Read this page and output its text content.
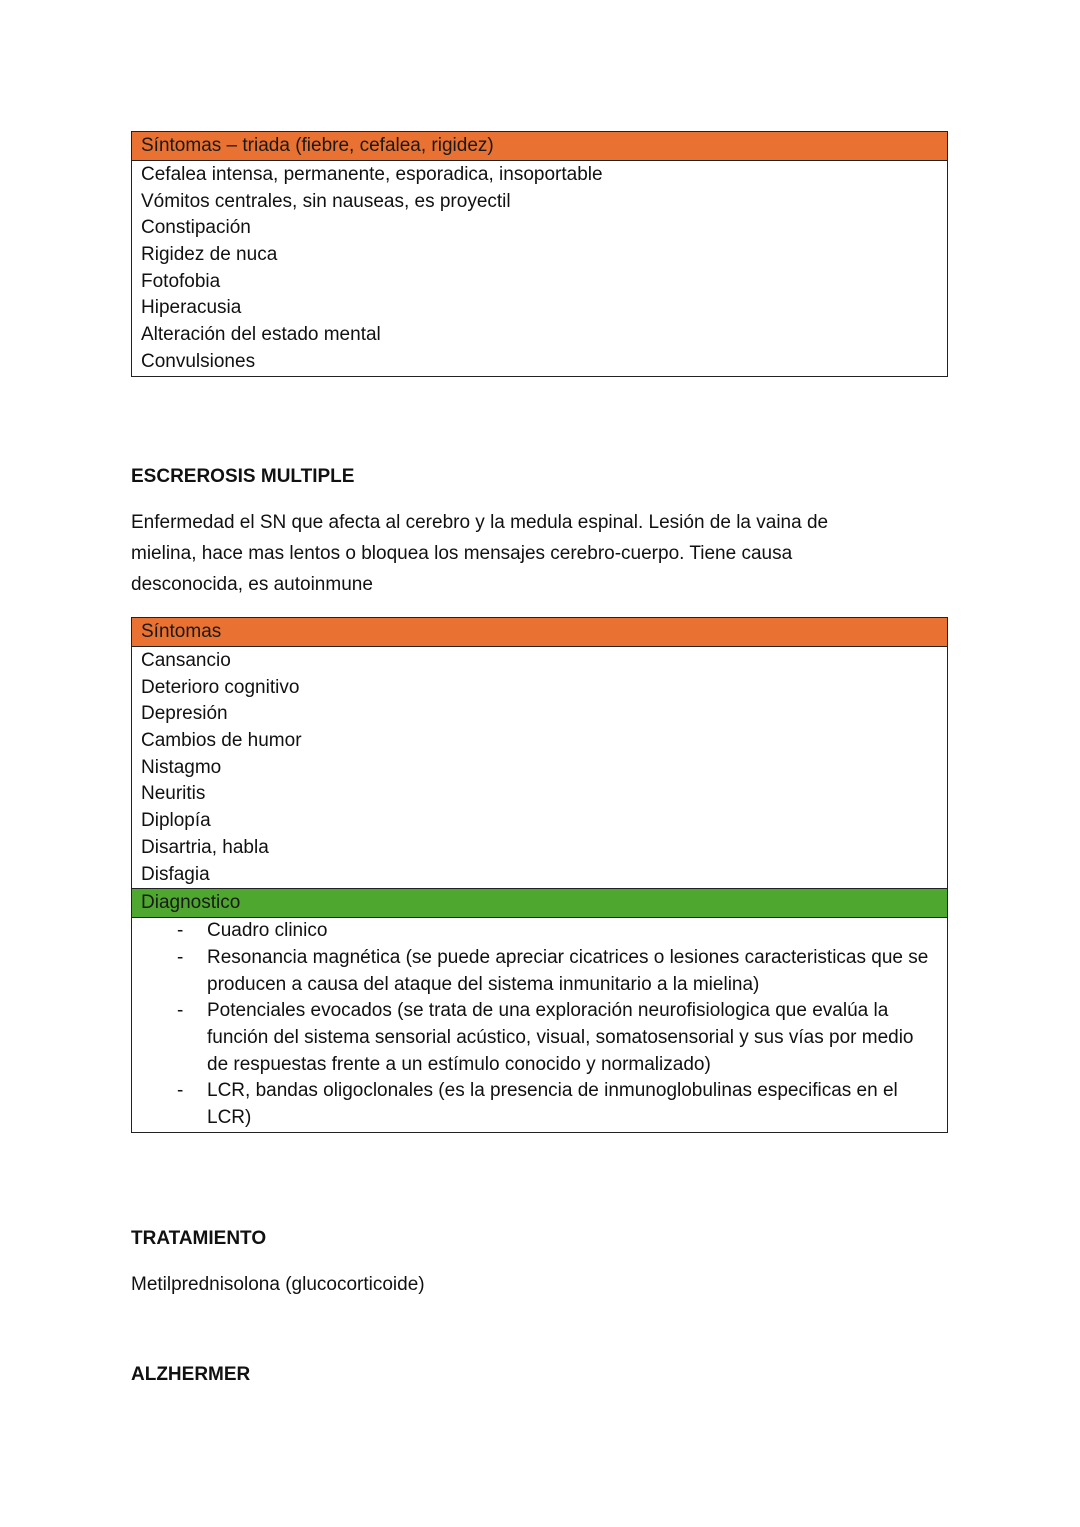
Síntomas – triada (fiebre, cefalea, rigidez)
Cefalea intensa, permanente, esporadica, insoportable
Vómitos centrales, sin nauseas, es proyectil
Constipación
Rigidez de nuca
Fotofobia
Hiperacusia
Alteración del estado mental
Convulsiones
ESCREROSIS MULTIPLE
Enfermedad el SN que afecta al cerebro y la medula espinal. Lesión de la vaina de
mielina, hace mas lentos o bloquea los mensajes cerebro-cuerpo. Tiene causa
desconocida, es autoinmune
Síntomas
Cansancio
Deterioro cognitivo
Depresión
Cambios de humor
Nistagmo
Neuritis
Diplopía
Disartria, habla
Disfagia
Diagnostico
- Cuadro clinico
- Resonancia magnética (se puede apreciar cicatrices o lesiones caracteristicas que se producen a causa del ataque del sistema inmunitario a la mielina)
- Potenciales evocados (se trata de una exploración neurofisiologica que evalúa la función del sistema sensorial acústico, visual, somatosensorial y sus vías por medio de respuestas frente a un estímulo conocido y normalizado)
- LCR, bandas oligoclonales (es la presencia de inmunoglobulinas especificas en el LCR)
TRATAMIENTO
Metilprednisolona (glucocorticoide)
ALZHERMER
